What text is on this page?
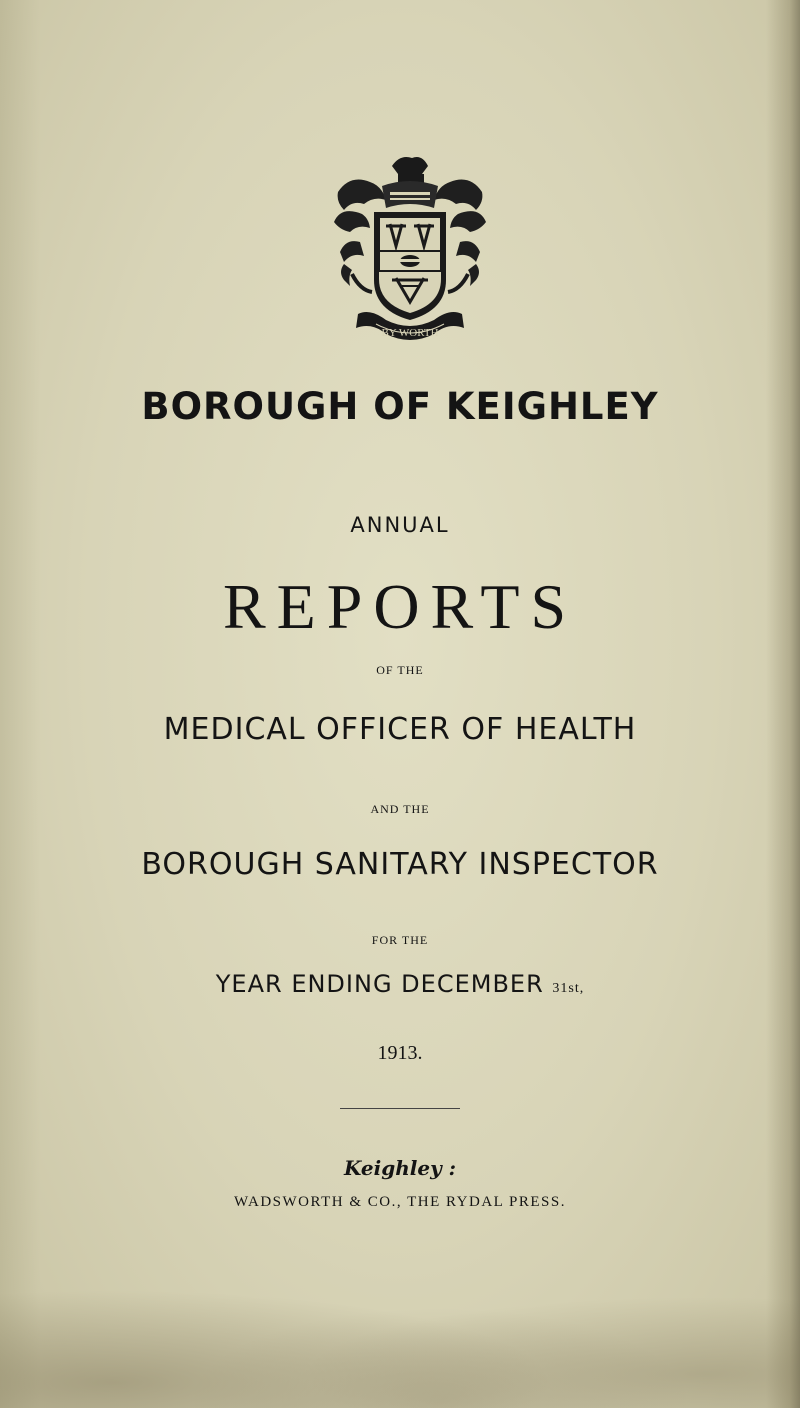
BY WORTH
BOROUGH OF KEIGHLEY

ANNUAL

REPORTS

OF THE

MEDICAL OFFICER OF HEALTH

AND THE

BOROUGH SANITARY INSPECTOR

FOR THE

YEAR ENDING DECEMBER 31st,

1913.

Keighley :

WADSWORTH & CO., THE RYDAL PRESS.
